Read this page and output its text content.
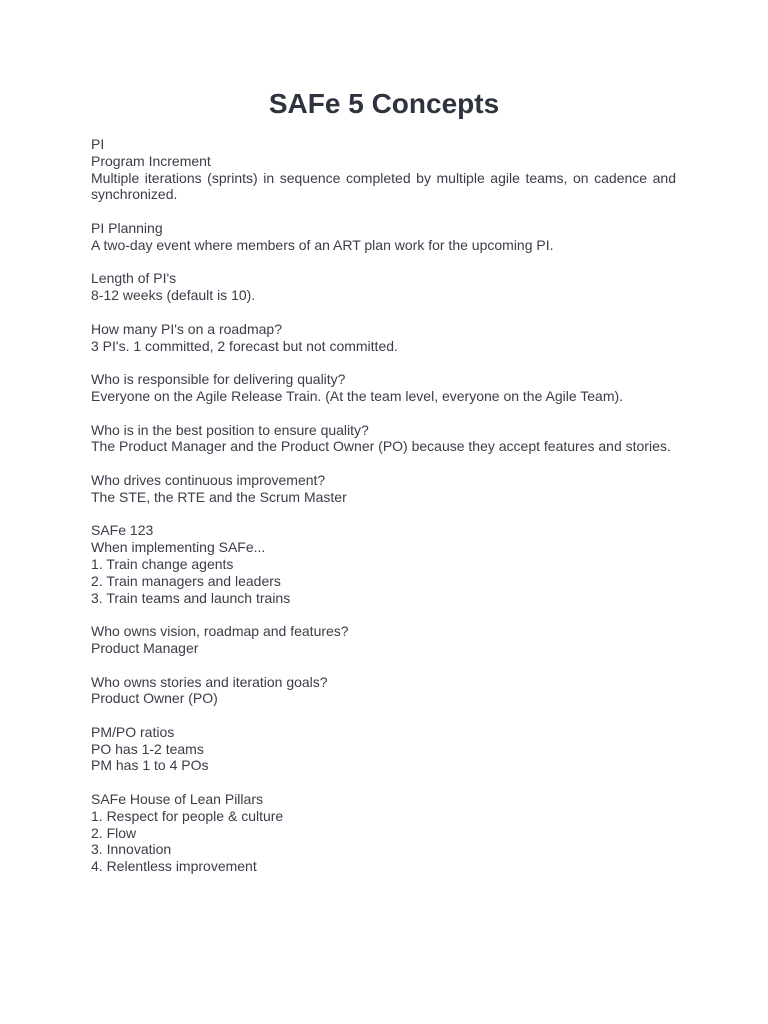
SAFe 5 Concepts
PI
Program Increment
Multiple iterations (sprints) in sequence completed by multiple agile teams, on cadence and synchronized.
PI Planning
A two-day event where members of an ART plan work for the upcoming PI.
Length of PI's
8-12 weeks (default is 10).
How many PI's on a roadmap?
3 PI's. 1 committed, 2 forecast but not committed.
Who is responsible for delivering quality?
Everyone on the Agile Release Train. (At the team level, everyone on the Agile Team).
Who is in the best position to ensure quality?
The Product Manager and the Product Owner (PO) because they accept features and stories.
Who drives continuous improvement?
The STE, the RTE and the Scrum Master
SAFe 123
When implementing SAFe...
1. Train change agents
2. Train managers and leaders
3. Train teams and launch trains
Who owns vision, roadmap and features?
Product Manager
Who owns stories and iteration goals?
Product Owner (PO)
PM/PO ratios
PO has 1-2 teams
PM has 1 to 4 POs
SAFe House of Lean Pillars
1. Respect for people & culture
2. Flow
3. Innovation
4. Relentless improvement
